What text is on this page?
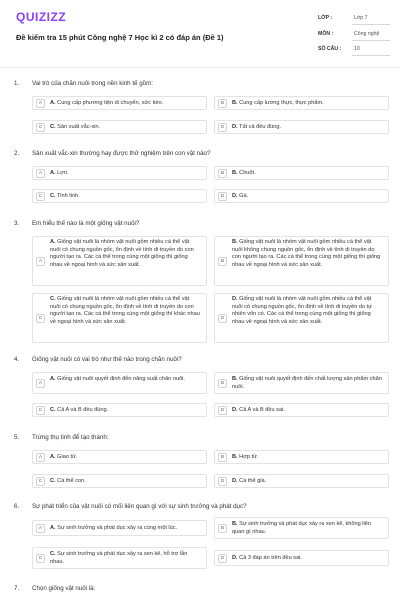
QUIZIZZ
Đề kiểm tra 15 phút Công nghệ 7 Học kì 2 có đáp án (Đề 1)
LỚP :	Lớp 7
MÔN :	Công nghệ
SỐ CÂU : 10
1. Vai trò của chăn nuôi trong nền kinh tế gồm:
A	A. Cung cấp phương tiện di chuyển, sức kéo.	B	B. Cung cấp lương thực, thực phẩm.
C	C. Sản xuất vắc-xin.	D	D. Tất cả đều đúng.
2. Sản xuất vắc-xin thường hay được thử nghiệm trên con vật nào?
A	A. Lợn.	B	B. Chuột.
C	C. Tinh tinh.	D	D. Gà.
3. Em hiểu thế nào là một giống vật nuôi?
A
A. Giống vật nuôi là nhóm vật nuôi gồm nhiều cá thể vật nuôi có chung nguồn gốc, ổn định về tính di truyền do con người tạo ra. Các cá thể trong cùng một giống thì giống nhau về ngoại hình và sức sản xuất.
B
B. Giống vật nuôi là nhóm vật nuôi gồm nhiều cá thể vật nuôi không chung nguồn gốc, ổn định về tính di truyền do con người tạo ra. Các cá thể trong cùng một giống thì giống nhau về ngoại hình và sức sản xuất.
C
C. Giống vật nuôi là nhóm vật nuôi gồm nhiều cá thể vật nuôi có chung nguồn gốc, ổn định về tính di truyền do con người tạo ra. Các cá thể trong cùng một giống thì khác nhau về ngoại hình và sức sản xuất.
D
D. Giống vật nuôi là nhóm vật nuôi gồm nhiều cá thể vật nuôi có chung nguồn gốc, ổn định về tính di truyền do tự nhiên vốn có. Các cá thể trong cùng một giống thì giống nhau về ngoại hình và sức sản xuất.
4. Giống vật nuôi có vai trò như thế nào trong chăn nuôi?
A
A. Giống vật nuôi quyết định đến năng suất chăn nuôi.
B
B. Giống vật nuôi quyết định đến chất lượng sản phẩm chăn nuôi.
C	C. Cả A và B đều đúng.	D	D. Cả A và B đều sai.
5. Trứng thụ tinh để tạo thành:
A	A. Giao tử.	B	B. Hợp tử.
C	C. Cá thể con.	D	D. Cá thể già.
6. Sự phát triển của vật nuôi có mối liên quan gì với sự sinh trưởng và phát dục?
A	A. Sự sinh trưởng và phát dục xảy ra cùng một lúc.	B
B. Sự sinh trưởng và phát dục xảy ra xen kẽ, không liên quan gì nhau.
C
C. Sự sinh trưởng và phát dục xảy ra xen kẽ, hỗ trợ lẫn nhau.
D	D. Cả 3 đáp án trên đều sai.
7. Chọn giống vật nuôi là:
